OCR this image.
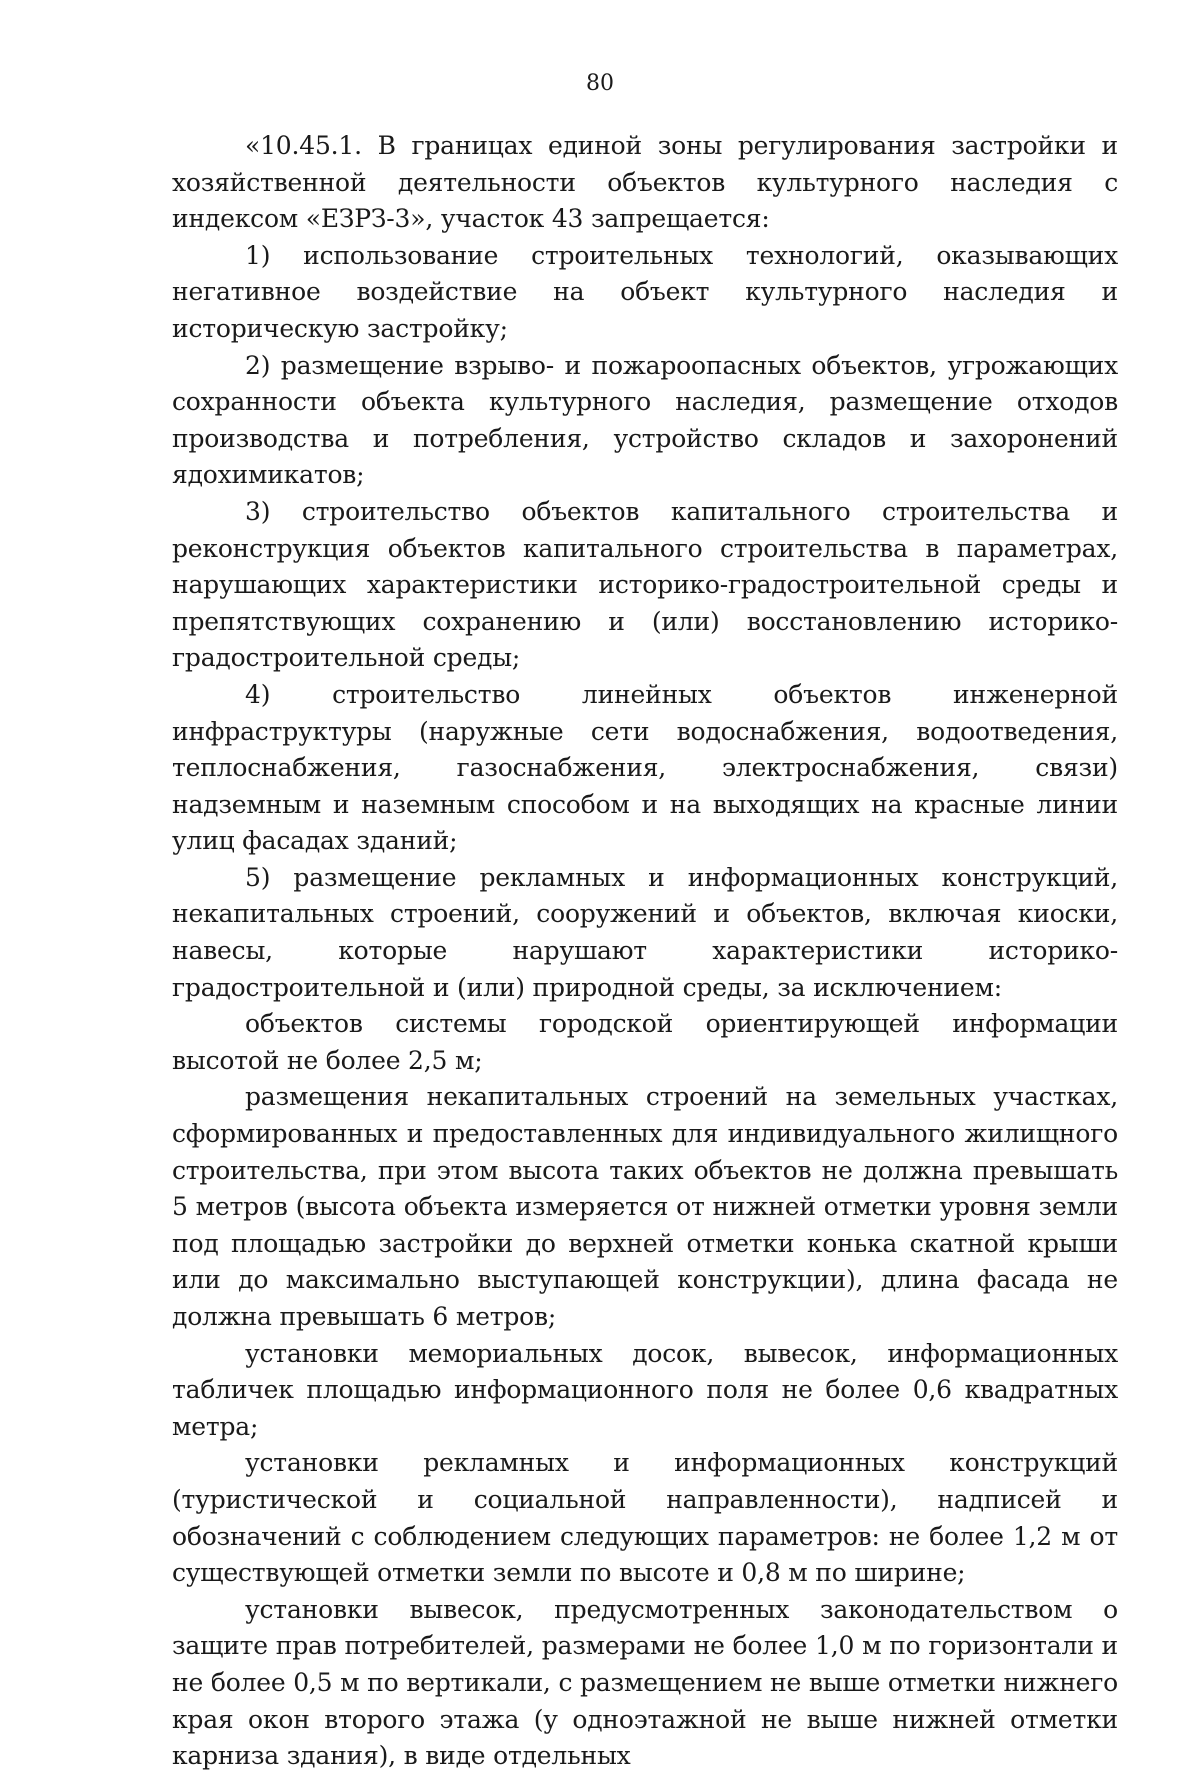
80

«10.45.1. В границах единой зоны регулирования застройки и хозяйственной деятельности объектов культурного наследия с индексом «ЕЗРЗ-3», участок 43 запрещается:

1) использование строительных технологий, оказывающих негативное воздействие на объект культурного наследия и историческую застройку;

2) размещение взрыво- и пожароопасных объектов, угрожающих сохранности объекта культурного наследия, размещение отходов производства и потребления, устройство складов и захоронений ядохимикатов;

3) строительство объектов капитального строительства и реконструкция объектов капитального строительства в параметрах, нарушающих характеристики историко-градостроительной среды и препятствующих сохранению и (или) восстановлению историко-градостроительной среды;

4) строительство линейных объектов инженерной инфраструктуры (наружные сети водоснабжения, водоотведения, теплоснабжения, газоснабжения, электроснабжения, связи) надземным и наземным способом и на выходящих на красные линии улиц фасадах зданий;

5) размещение рекламных и информационных конструкций, некапитальных строений, сооружений и объектов, включая киоски, навесы, которые нарушают характеристики историко-градостроительной и (или) природной среды, за исключением:

объектов системы городской ориентирующей информации высотой не более 2,5 м;

размещения некапитальных строений на земельных участках, сформированных и предоставленных для индивидуального жилищного строительства, при этом высота таких объектов не должна превышать 5 метров (высота объекта измеряется от нижней отметки уровня земли под площадью застройки до верхней отметки конька скатной крыши или до максимально выступающей конструкции), длина фасада не должна превышать 6 метров;

установки мемориальных досок, вывесок, информационных табличек площадью информационного поля не более 0,6 квадратных метра;

установки рекламных и информационных конструкций (туристической и социальной направленности), надписей и обозначений с соблюдением следующих параметров: не более 1,2 м от существующей отметки земли по высоте и 0,8 м по ширине;

установки вывесок, предусмотренных законодательством о защите прав потребителей, размерами не более 1,0 м по горизонтали и не более 0,5 м по вертикали, с размещением не выше отметки нижнего края окон второго этажа (у одноэтажной не выше нижней отметки карниза здания), в виде отдельных
